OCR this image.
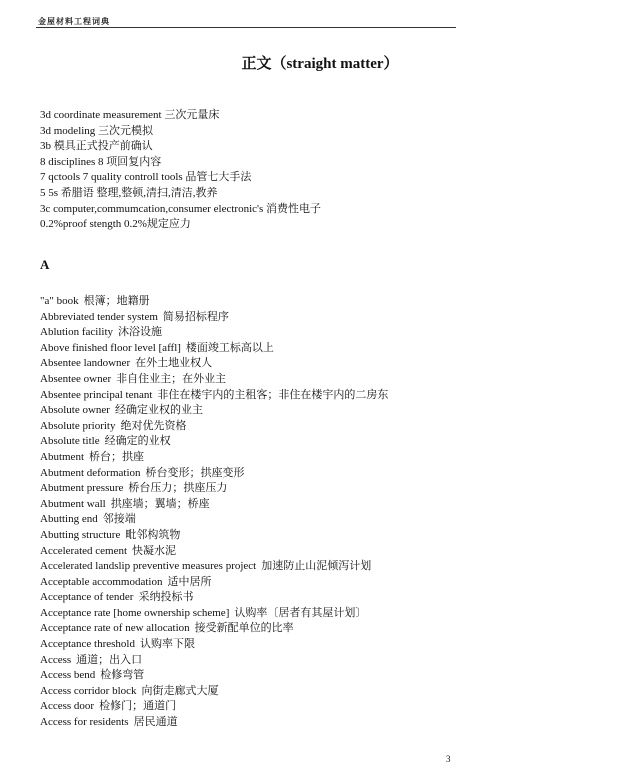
金屋材料工程词典
正文（straight matter）
3d coordinate measurement 三次元量床
3d modeling 三次元模拟
3b 模具正式投产前确认
8 disciplines 8 项回复内容
7 qctools 7 quality controll tools 品管七大手法
5 5s 希腊语 整理,整顿,清扫,清洁,教养
3c computer,commumcation,consumer electronic's 消费性电子
0.2%proof stength 0.2%规定应力
A
"a" book 根簿；地籍册
Abbreviated tender system 简易招标程序
Ablution facility 沐浴设施
Above finished floor level [affl] 楼面竣工标高以上
Absentee landowner 在外土地业权人
Absentee owner 非自住业主；在外业主
Absentee principal tenant 非住在楼宇内的主租客；非住在楼宇内的二房东
Absolute owner 经确定业权的业主
Absolute priority 绝对优先资格
Absolute title 经确定的业权
Abutment 桥台；拱座
Abutment deformation 桥台变形；拱座变形
Abutment pressure 桥台压力；拱座压力
Abutment wall 拱座墙；翼墙；桥座
Abutting end 邻接端
Abutting structure 毗邻构筑物
Accelerated cement 快凝水泥
Accelerated landslip preventive measures project 加速防止山泥倾泻计划
Acceptable accommodation 适中居所
Acceptance of tender 采纳投标书
Acceptance rate [home ownership scheme] 认购率〔居者有其屋计划〕
Acceptance rate of new allocation 接受新配单位的比率
Acceptance threshold 认购率下限
Access 通道；出入口
Access bend 检修弯管
Access corridor block 向街走廊式大厦
Access door 检修门；通道门
Access for residents 居民通道
3
